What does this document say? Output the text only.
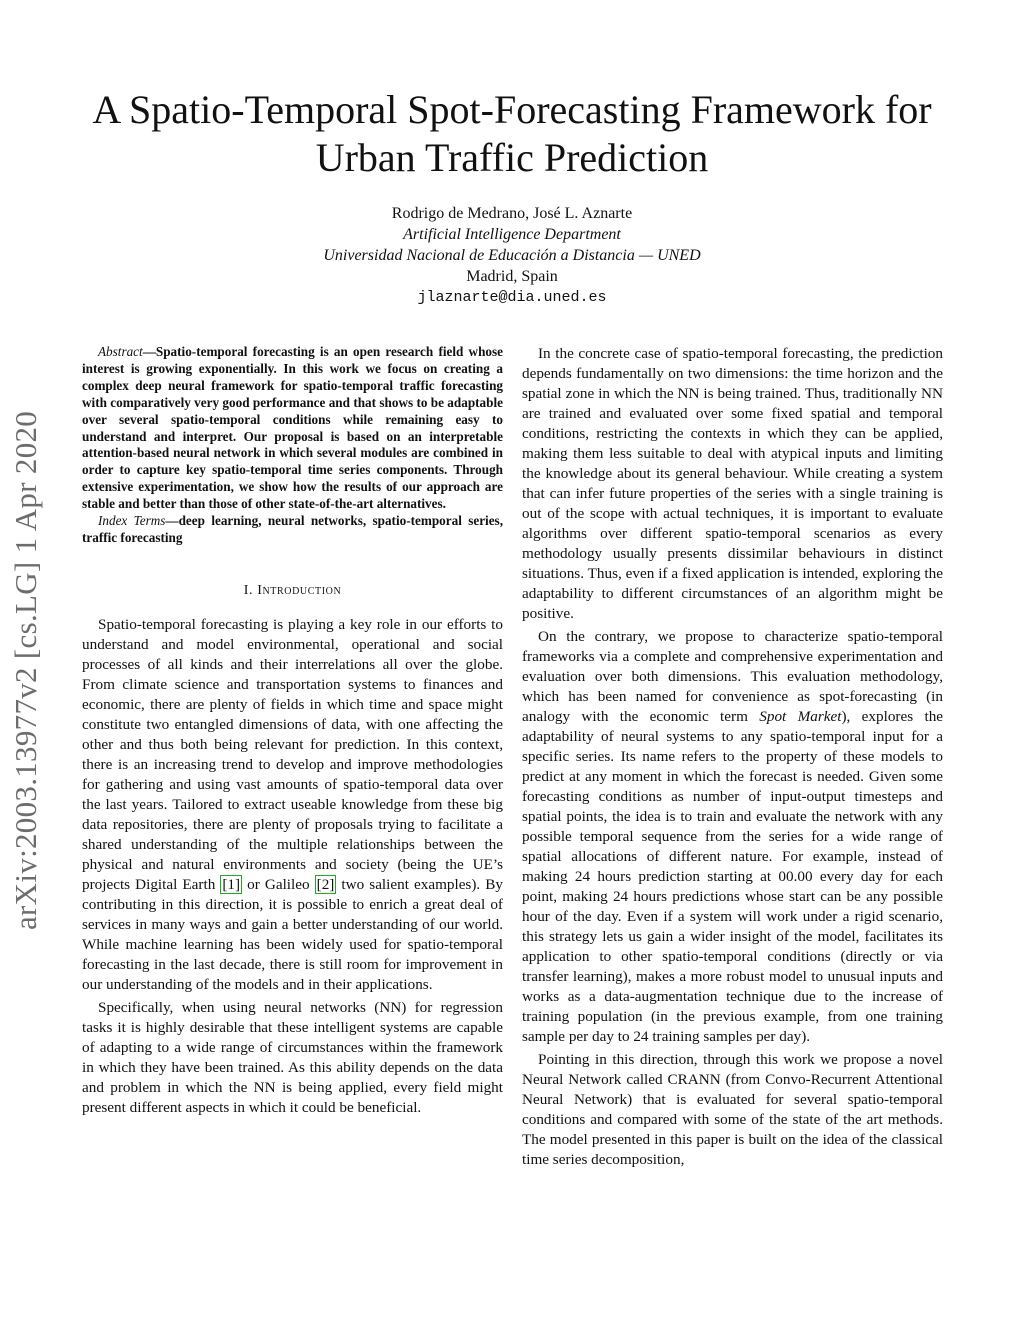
arXiv:2003.13977v2 [cs.LG] 1 Apr 2020
A Spatio-Temporal Spot-Forecasting Framework for
Urban Traffic Prediction
Rodrigo de Medrano, José L. Aznarte
Artificial Intelligence Department
Universidad Nacional de Educación a Distancia — UNED
Madrid, Spain
jlaznarte@dia.uned.es

Abstract—Spatio-temporal forecasting is an open research field whose interest is growing exponentially. In this work we focus on creating a complex deep neural framework for spatio-temporal traffic forecasting with comparatively very good performance and that shows to be adaptable over several spatio-temporal conditions while remaining easy to understand and interpret. Our proposal is based on an interpretable attention-based neural network in which several modules are combined in order to capture key spatio-temporal time series components. Through extensive experimentation, we show how the results of our approach are stable and better than those of other state-of-the-art alternatives.

Index Terms—deep learning, neural networks, spatio-temporal series, traffic forecasting

I. Introduction

Spatio-temporal forecasting is playing a key role in our efforts to understand and model environmental, operational and social processes of all kinds and their interrelations all over the globe. From climate science and transportation systems to finances and economic, there are plenty of fields in which time and space might constitute two entangled dimensions of data, with one affecting the other and thus both being relevant for prediction. In this context, there is an increasing trend to develop and improve methodologies for gathering and using vast amounts of spatio-temporal data over the last years. Tailored to extract useable knowledge from these big data repositories, there are plenty of proposals trying to facilitate a shared understanding of the multiple relationships between the physical and natural environments and society (being the UE’s projects Digital Earth [1] or Galileo [2] two salient examples). By contributing in this direction, it is possible to enrich a great deal of services in many ways and gain a better understanding of our world. While machine learning has been widely used for spatio-temporal forecasting in the last decade, there is still room for improvement in our understanding of the models and in their applications.

Specifically, when using neural networks (NN) for regression tasks it is highly desirable that these intelligent systems are capable of adapting to a wide range of circumstances within the framework in which they have been trained. As this ability depends on the data and problem in which the NN is being applied, every field might present different aspects in which it could be beneficial.

In the concrete case of spatio-temporal forecasting, the prediction depends fundamentally on two dimensions: the time horizon and the spatial zone in which the NN is being trained. Thus, traditionally NN are trained and evaluated over some fixed spatial and temporal conditions, restricting the contexts in which they can be applied, making them less suitable to deal with atypical inputs and limiting the knowledge about its general behaviour. While creating a system that can infer future properties of the series with a single training is out of the scope with actual techniques, it is important to evaluate algorithms over different spatio-temporal scenarios as every methodology usually presents dissimilar behaviours in distinct situations. Thus, even if a fixed application is intended, exploring the adaptability to different circumstances of an algorithm might be positive.

On the contrary, we propose to characterize spatio-temporal frameworks via a complete and comprehensive experimentation and evaluation over both dimensions. This evaluation methodology, which has been named for convenience as spot-forecasting (in analogy with the economic term Spot Market), explores the adaptability of neural systems to any spatio-temporal input for a specific series. Its name refers to the property of these models to predict at any moment in which the forecast is needed. Given some forecasting conditions as number of input-output timesteps and spatial points, the idea is to train and evaluate the network with any possible temporal sequence from the series for a wide range of spatial allocations of different nature. For example, instead of making 24 hours prediction starting at 00.00 every day for each point, making 24 hours predictions whose start can be any possible hour of the day. Even if a system will work under a rigid scenario, this strategy lets us gain a wider insight of the model, facilitates its application to other spatio-temporal conditions (directly or via transfer learning), makes a more robust model to unusual inputs and works as a data-augmentation technique due to the increase of training population (in the previous example, from one training sample per day to 24 training samples per day).

Pointing in this direction, through this work we propose a novel Neural Network called CRANN (from Convo-Recurrent Attentional Neural Network) that is evaluated for several spatio-temporal conditions and compared with some of the state of the art methods. The model presented in this paper is built on the idea of the classical time series decomposition,
